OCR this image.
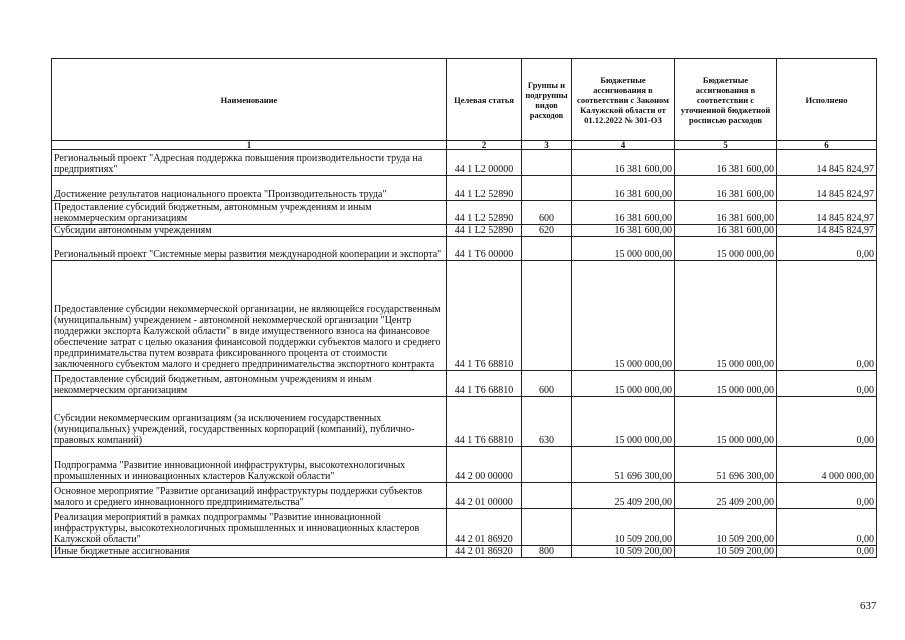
Наименование	Целевая статья	Группы и подгруппы видов расходов	Бюджетные ассигнования в соответствии с Законом Калужской области от 01.12.2022 № 301-ОЗ	Бюджетные ассигнования в соответствии с уточненной бюджетной росписью расходов	Исполнено
1	2	3	4	5	6
Региональный проект "Адресная поддержка повышения производительности труда на предприятиях"	44 1 L2 00000		16 381 600,00	16 381 600,00	14 845 824,97
Достижение результатов национального проекта "Производительность труда"	44 1 L2 52890		16 381 600,00	16 381 600,00	14 845 824,97
Предоставление субсидий бюджетным, автономным учреждениям и иным некоммерческим организациям	44 1 L2 52890	600	16 381 600,00	16 381 600,00	14 845 824,97
Субсидии автономным учреждениям	44 1 L2 52890	620	16 381 600,00	16 381 600,00	14 845 824,97
Региональный проект "Системные меры развития международной кооперации и экспорта"	44 1 T6 00000		15 000 000,00	15 000 000,00	0,00
Предоставление субсидии некоммерческой организации, не являющейся государственным (муниципальным) учреждением - автономной некоммерческой организации "Центр поддержки экспорта Калужской области" в виде имущественного взноса на финансовое обеспечение затрат с целью оказания финансовой поддержки субъектов малого и среднего предпринимательства путем возврата фиксированного процента от стоимости заключенного субъектом малого и среднего предпринимательства экспортного контракта	44 1 T6 68810		15 000 000,00	15 000 000,00	0,00
Предоставление субсидий бюджетным, автономным учреждениям и иным некоммерческим организациям	44 1 T6 68810	600	15 000 000,00	15 000 000,00	0,00
Субсидии некоммерческим организациям (за исключением государственных (муниципальных) учреждений, государственных корпораций (компаний), публично-правовых компаний)	44 1 T6 68810	630	15 000 000,00	15 000 000,00	0,00
Подпрограмма "Развитие инновационной инфраструктуры, высокотехнологичных промышленных и инновационных кластеров Калужской области"	44 2 00 00000		51 696 300,00	51 696 300,00	4 000 000,00
Основное мероприятие "Развитие организаций инфраструктуры поддержки субъектов малого и среднего инновационного предпринимательства"	44 2 01 00000		25 409 200,00	25 409 200,00	0,00
Реализация мероприятий в рамках подпрограммы "Развитие инновационной инфраструктуры, высокотехнологичных промышленных и инновационных кластеров Калужской области"	44 2 01 86920		10 509 200,00	10 509 200,00	0,00
Иные бюджетные ассигнования	44 2 01 86920	800	10 509 200,00	10 509 200,00	0,00
637
